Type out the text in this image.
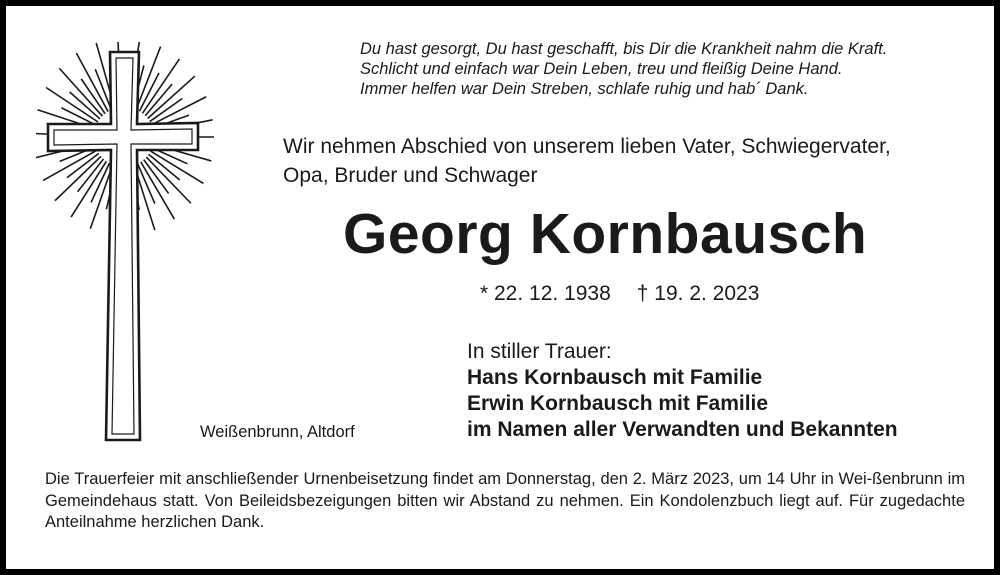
Du hast gesorgt, Du hast geschafft, bis Dir die Krankheit nahm die Kraft.
Schlicht und einfach war Dein Leben, treu und fleißig Deine Hand.
Immer helfen war Dein Streben, schlafe ruhig und hab´ Dank.
Wir nehmen Abschied von unserem lieben Vater, Schwiegervater,
Opa, Bruder und Schwager
Georg Kornbausch
* 22. 12. 1938 † 19. 2. 2023
In stiller Trauer:
Hans Kornbausch mit Familie
Erwin Kornbausch mit Familie
im Namen aller Verwandten und Bekannten
Weißenbrunn, Altdorf
Die Trauerfeier mit anschließender Urnenbeisetzung findet am Donnerstag, den 2. März 2023, um 14 Uhr in Wei-ßenbrunn im Gemeindehaus statt. Von Beileidsbezeigungen bitten wir Abstand zu nehmen. Ein Kondolenzbuch liegt auf. Für zugedachte Anteilnahme herzlichen Dank.
